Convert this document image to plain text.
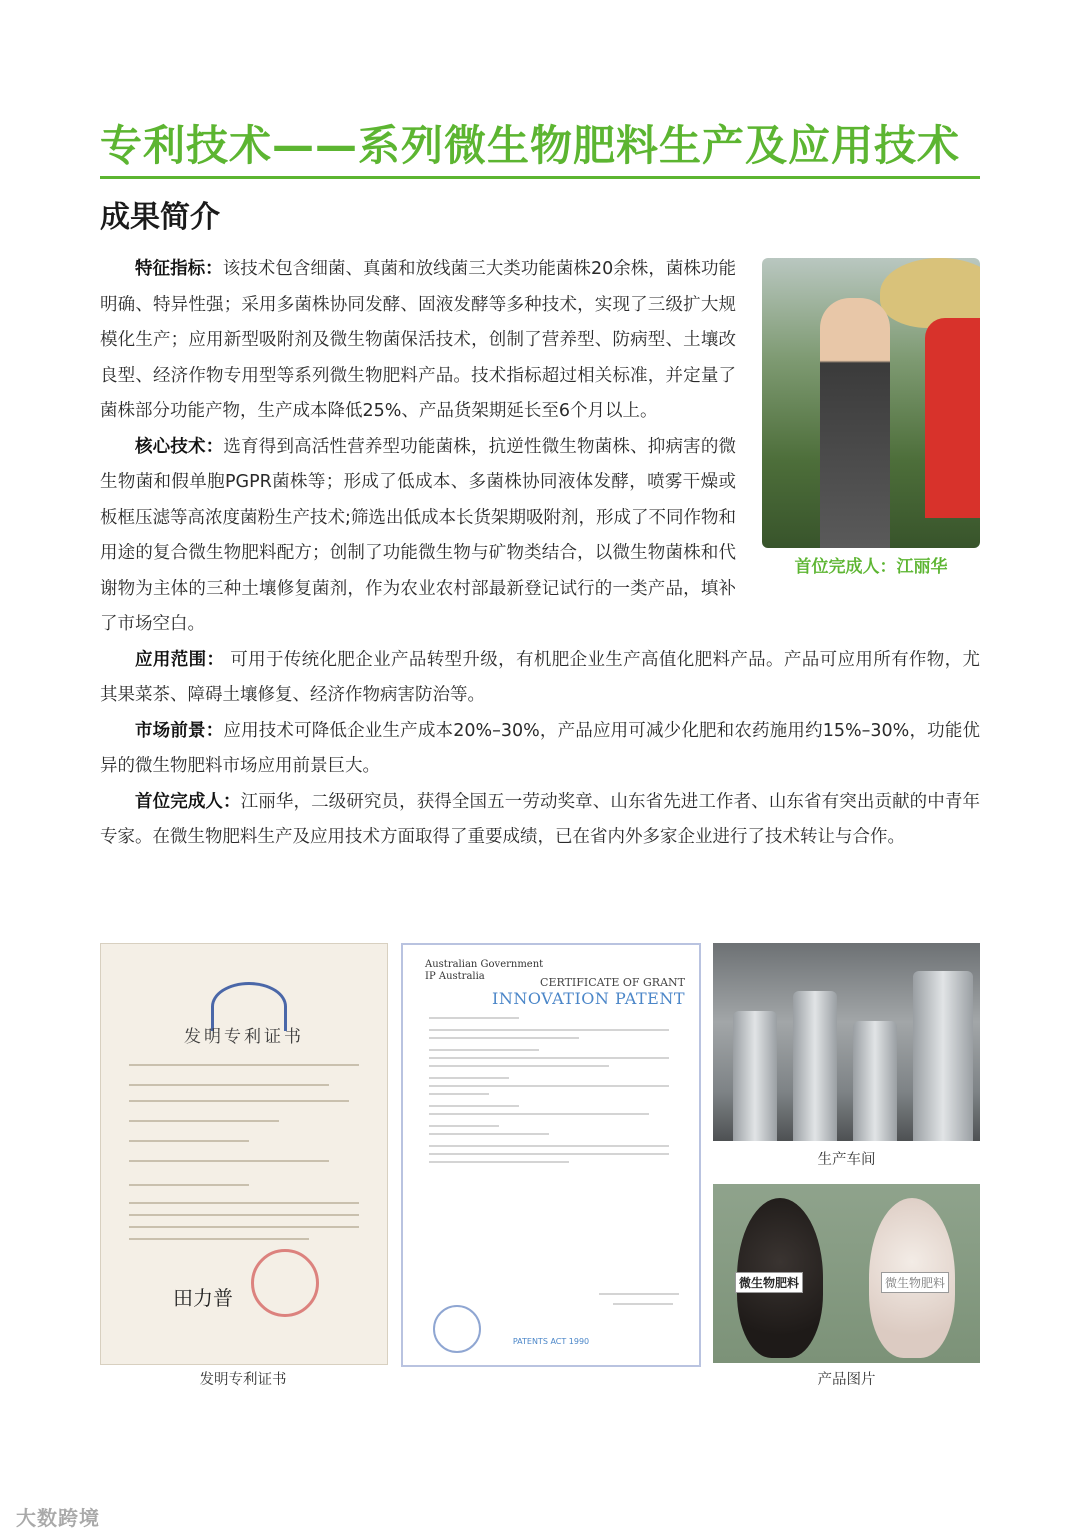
专利技术——系列微生物肥料生产及应用技术
成果简介

首位完成人：江丽华
特征指标：该技术包含细菌、真菌和放线菌三大类功能菌株20余株，菌株功能明确、特异性强；采用多菌株协同发酵、固液发酵等多种技术，实现了三级扩大规模化生产；应用新型吸附剂及微生物菌保活技术，创制了营养型、防病型、土壤改良型、经济作物专用型等系列微生物肥料产品。技术指标超过相关标准，并定量了菌株部分功能产物，生产成本降低25%、产品货架期延长至6个月以上。

核心技术：选育得到高活性营养型功能菌株，抗逆性微生物菌株、抑病害的微生物菌和假单胞PGPR菌株等；形成了低成本、多菌株协同液体发酵，喷雾干燥或板框压滤等高浓度菌粉生产技术;筛选出低成本长货架期吸附剂，形成了不同作物和用途的复合微生物肥料配方；创制了功能微生物与矿物类结合，以微生物菌株和代谢物为主体的三种土壤修复菌剂，作为农业农村部最新登记试行的一类产品，填补了市场空白。

应用范围： 可用于传统化肥企业产品转型升级，有机肥企业生产高值化肥料产品。产品可应用所有作物，尤其果菜茶、障碍土壤修复、经济作物病害防治等。

市场前景：应用技术可降低企业生产成本20%–30%，产品应用可减少化肥和农药施用约15%–30%，功能优异的微生物肥料市场应用前景巨大。

首位完成人：江丽华，二级研究员，获得全国五一劳动奖章、山东省先进工作者、山东省有突出贡献的中青年专家。在微生物肥料生产及应用技术方面取得了重要成绩，已在省内外多家企业进行了技术转让与合作。

发明专利证书
田力普
发明专利证书
Australian Government
IP Australia	CERTIFICATE OF GRANT
INNOVATION PATENT
PATENTS ACT 1990
生产车间
微生物肥料	微生物肥料
产品图片
大数跨境
